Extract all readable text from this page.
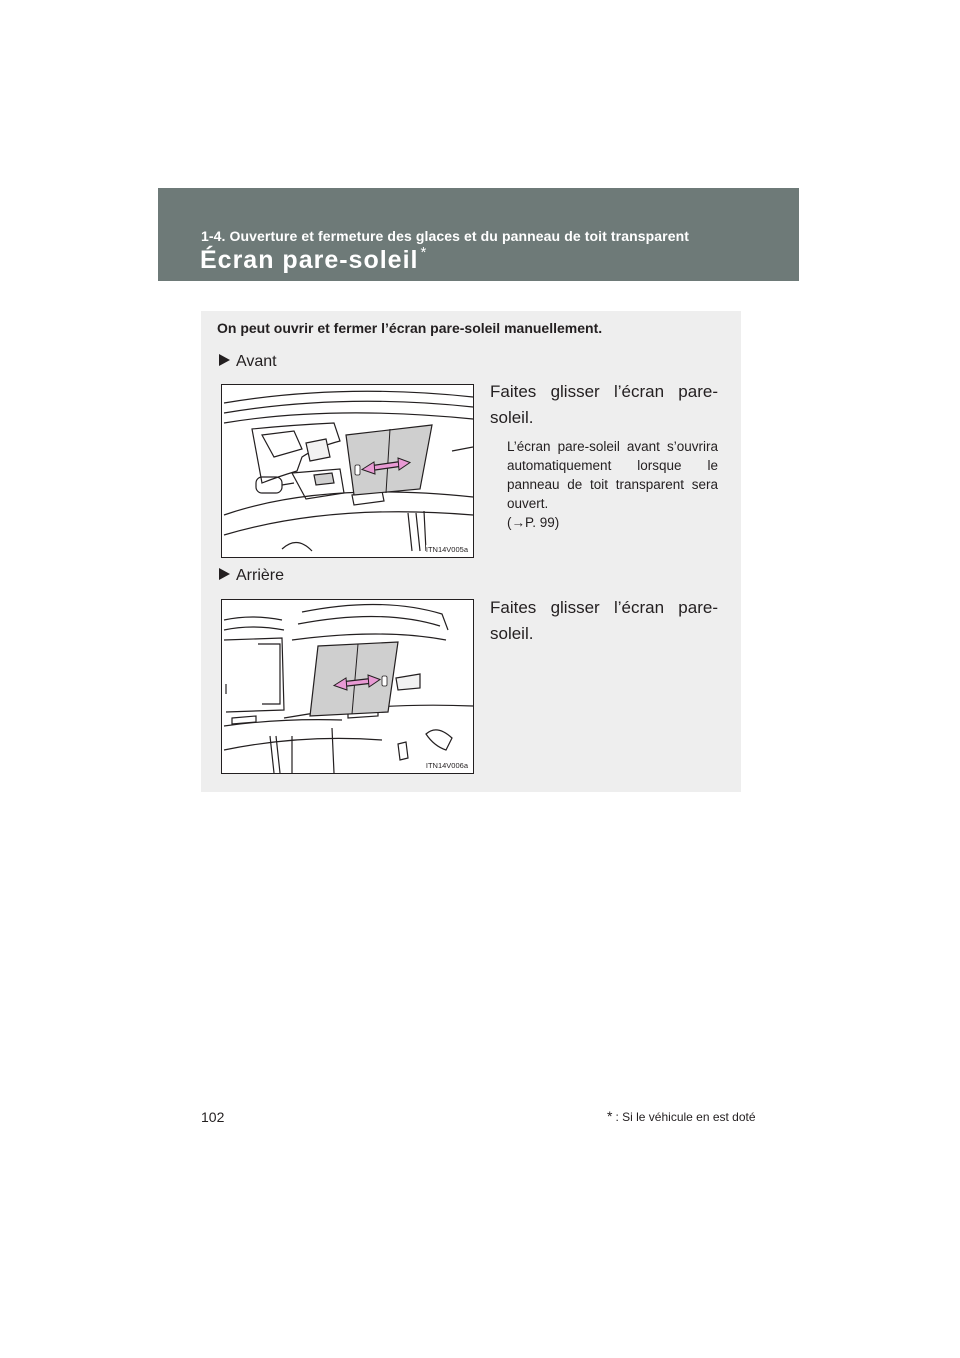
1-4. Ouverture et fermeture des glaces et du panneau de toit transparent
Écran pare-soleil *
On peut ouvrir et fermer l’écran pare-soleil manuellement.
Avant
ITN14V005a
Faites glisser l’écran pare-soleil.
L’écran pare-soleil avant s’ouvrira automatiquement lorsque le panneau de toit transparent sera ouvert.
(→P. 99)
Arrière
ITN14V006a
Faites glisser l’écran pare-soleil.
* : Si le véhicule en est doté
102
